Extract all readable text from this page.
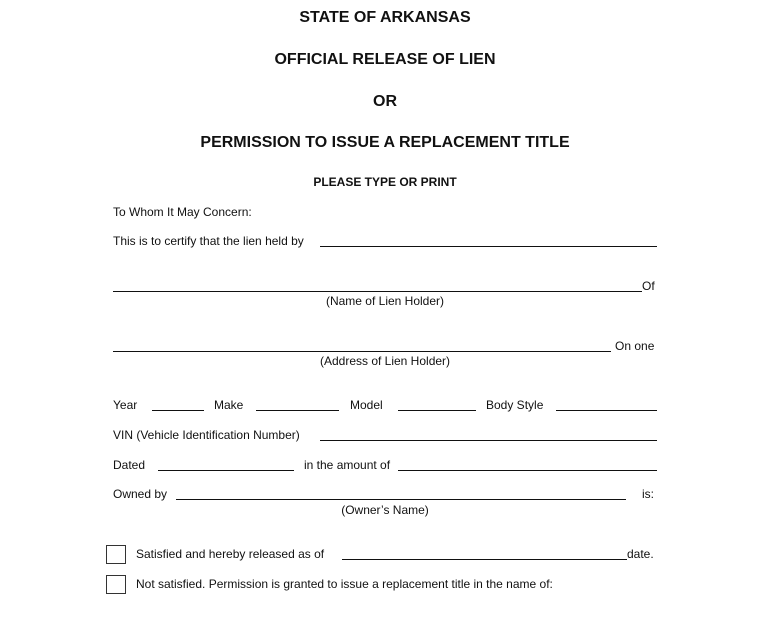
STATE OF ARKANSAS
OFFICIAL RELEASE OF LIEN
OR
PERMISSION TO ISSUE A REPLACEMENT TITLE
PLEASE TYPE OR PRINT
To Whom It May Concern:
This is to certify that the lien held by
Of
(Name of Lien Holder)
On one
(Address of Lien Holder)
Year	Make	Model	Body Style
VIN (Vehicle Identification Number)
Dated	in the amount of
Owned by	is:
(Owner’s Name)
Satisfied and hereby released as of	date.
Not satisfied. Permission is granted to issue a replacement title in the name of:
